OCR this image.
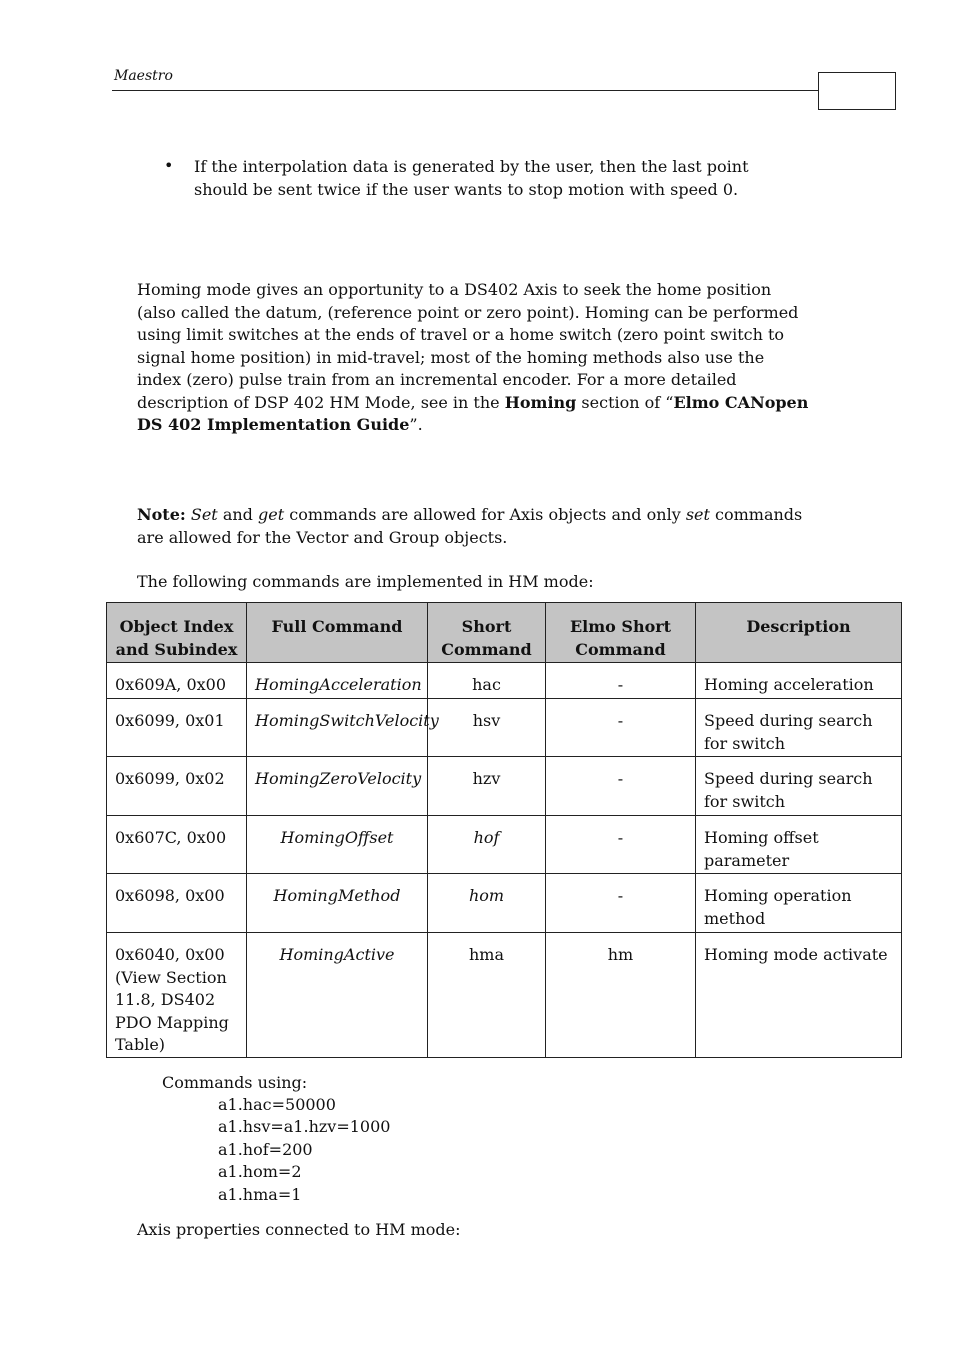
Maestro
• If the interpolation data is generated by the user, then the last point should be sent twice if the user wants to stop motion with speed 0.
Homing mode gives an opportunity to a DS402 Axis to seek the home position (also called the datum, (reference point or zero point). Homing can be performed using limit switches at the ends of travel or a home switch (zero point switch to signal home position) in mid-travel; most of the homing methods also use the index (zero) pulse train from an incremental encoder. For a more detailed description of DSP 402 HM Mode, see in the Homing section of “Elmo CANopen DS 402 Implementation Guide”.
Note: Set and get commands are allowed for Axis objects and only set commands are allowed for the Vector and Group objects.
The following commands are implemented in HM mode:
Object Index and Subindex	Full Command	Short Command	Elmo Short Command	Description
0x609A, 0x00	HomingAcceleration	hac	-	Homing acceleration
0x6099, 0x01	HomingSwitchVelocity	hsv	-	Speed during search for switch
0x6099, 0x02	HomingZeroVelocity	hzv	-	Speed during search for switch
0x607C, 0x00	HomingOffset	hof	-	Homing offset parameter
0x6098, 0x00	HomingMethod	hom	-	Homing operation method
0x6040, 0x00 (View Section 11.8, DS402 PDO Mapping Table)	HomingActive	hma	hm	Homing mode activate
Commands using:
a1.hac=50000
a1.hsv=a1.hzv=1000
a1.hof=200
a1.hom=2
a1.hma=1
Axis properties connected to HM mode:
